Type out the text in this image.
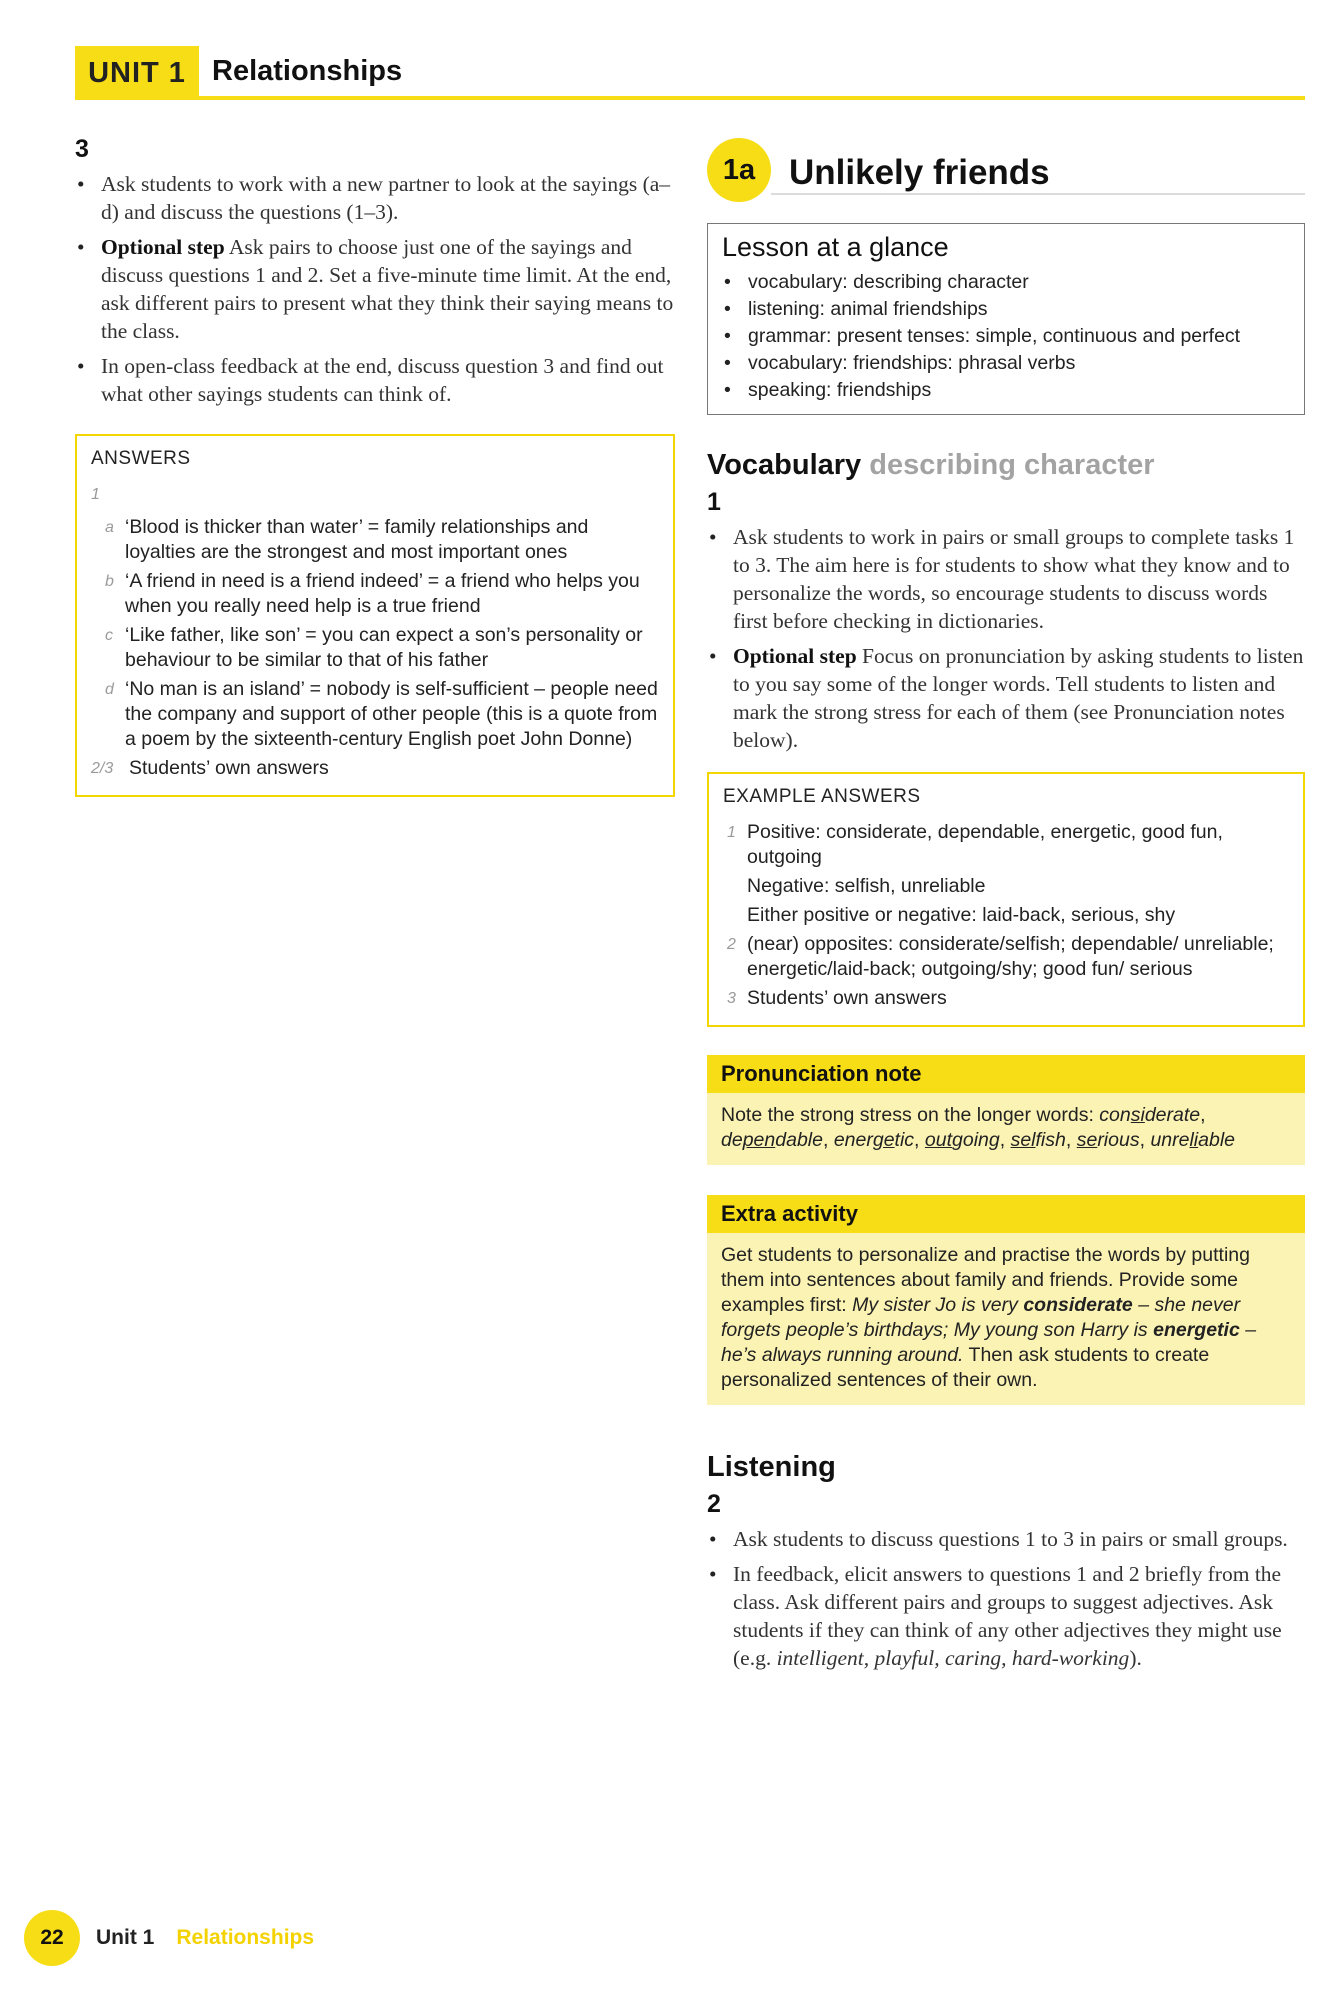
UNIT 1 Relationships
3
• Ask students to work with a new partner to look at the sayings (a–d) and discuss the questions (1–3).
• Optional step Ask pairs to choose just one of the sayings and discuss questions 1 and 2. Set a five-minute time limit. At the end, ask different pairs to present what they think their saying means to the class.
• In open-class feedback at the end, discuss question 3 and find out what other sayings students can think of.
ANSWERS
1
a ‘Blood is thicker than water’ = family relationships and loyalties are the strongest and most important ones
b ‘A friend in need is a friend indeed’ = a friend who helps you when you really need help is a true friend
c ‘Like father, like son’ = you can expect a son’s personality or behaviour to be similar to that of his father
d ‘No man is an island’ = nobody is self-sufficient – people need the company and support of other people (this is a quote from a poem by the sixteenth-century English poet John Donne)
2/3 Students’ own answers
1a Unlikely friends
Lesson at a glance
• vocabulary: describing character
• listening: animal friendships
• grammar: present tenses: simple, continuous and perfect
• vocabulary: friendships: phrasal verbs
• speaking: friendships
Vocabulary describing character
1
• Ask students to work in pairs or small groups to complete tasks 1 to 3. The aim here is for students to show what they know and to personalize the words, so encourage students to discuss words first before checking in dictionaries.
• Optional step Focus on pronunciation by asking students to listen to you say some of the longer words. Tell students to listen and mark the strong stress for each of them (see Pronunciation notes below).
EXAMPLE ANSWERS
1 Positive: considerate, dependable, energetic, good fun, outgoing
Negative: selfish, unreliable
Either positive or negative: laid-back, serious, shy
2 (near) opposites: considerate/selfish; dependable/ unreliable; energetic/laid-back; outgoing/shy; good fun/ serious
3 Students’ own answers
Pronunciation note
Note the strong stress on the longer words: considerate, dependable, energetic, outgoing, selfish, serious, unreliable
Extra activity
Get students to personalize and practise the words by putting them into sentences about family and friends. Provide some examples first: My sister Jo is very considerate – she never forgets people’s birthdays; My young son Harry is energetic – he’s always running around. Then ask students to create personalized sentences of their own.
Listening
2
• Ask students to discuss questions 1 to 3 in pairs or small groups.
• In feedback, elicit answers to questions 1 and 2 briefly from the class. Ask different pairs and groups to suggest adjectives. Ask students if they can think of any other adjectives they might use (e.g. intelligent, playful, caring, hard-working).
22	Unit 1 Relationships
